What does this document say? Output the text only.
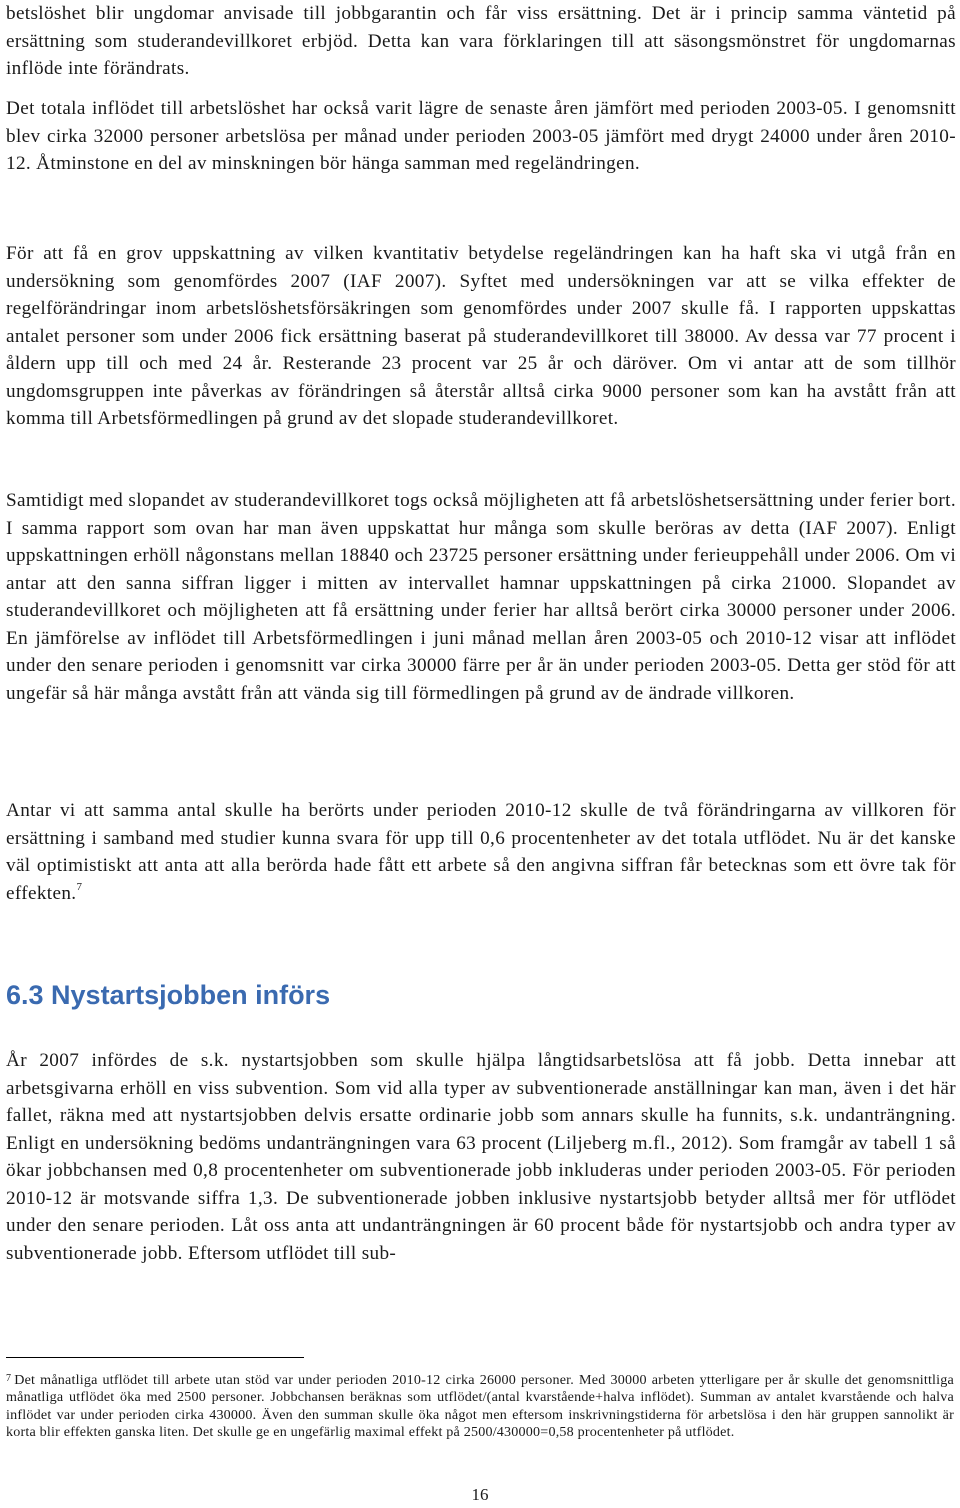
betslöshet blir ungdomar anvisade till jobbgarantin och får viss ersättning. Det är i princip samma väntetid på ersättning som studerandevillkoret erbjöd. Detta kan vara förklaringen till att säsongsmönstret för ungdomarnas inflöde inte förändrats.

Det totala inflödet till arbetslöshet har också varit lägre de senaste åren jämfört med perioden 2003-05. I genomsnitt blev cirka 32000 personer arbetslösa per månad under perioden 2003-05 jämfört med drygt 24000 under åren 2010-12. Åtminstone en del av minskningen bör hänga samman med regeländringen.

För att få en grov uppskattning av vilken kvantitativ betydelse regeländringen kan ha haft ska vi utgå från en undersökning som genomfördes 2007 (IAF 2007). Syftet med undersökningen var att se vilka effekter de regelförändringar inom arbetslöshetsförsäkringen som genomfördes under 2007 skulle få. I rapporten uppskattas antalet personer som under 2006 fick ersättning baserat på studerandevillkoret till 38000. Av dessa var 77 procent i åldern upp till och med 24 år. Resterande 23 procent var 25 år och däröver. Om vi antar att de som tillhör ungdomsgruppen inte påverkas av förändringen så återstår alltså cirka 9000 personer som kan ha avstått från att komma till Arbetsförmedlingen på grund av det slopade studerandevillkoret.

Samtidigt med slopandet av studerandevillkoret togs också möjligheten att få arbetslöshetsersättning under ferier bort. I samma rapport som ovan har man även uppskattat hur många som skulle beröras av detta (IAF 2007). Enligt uppskattningen erhöll någonstans mellan 18840 och 23725 personer ersättning under ferieuppehåll under 2006. Om vi antar att den sanna siffran ligger i mitten av intervallet hamnar uppskattningen på cirka 21000. Slopandet av studerandevillkoret och möjligheten att få ersättning under ferier har alltså berört cirka 30000 personer under 2006. En jämförelse av inflödet till Arbetsförmedlingen i juni månad mellan åren 2003-05 och 2010-12 visar att inflödet under den senare perioden i genomsnitt var cirka 30000 färre per år än under perioden 2003-05. Detta ger stöd för att ungefär så här många avstått från att vända sig till förmedlingen på grund av de ändrade villkoren.

Antar vi att samma antal skulle ha berörts under perioden 2010-12 skulle de två förändringarna av villkoren för ersättning i samband med studier kunna svara för upp till 0,6 procentenheter av det totala utflödet. Nu är det kanske väl optimistiskt att anta att alla berörda hade fått ett arbete så den angivna siffran får betecknas som ett övre tak för effekten.$^7$

6.3 Nystartsjobben införs

År 2007 infördes de s.k. nystartsjobben som skulle hjälpa långtidsarbetslösa att få jobb. Detta innebar att arbetsgivarna erhöll en viss subvention. Som vid alla typer av subventionerade anställningar kan man, även i det här fallet, räkna med att nystartsjobben delvis ersatte ordinarie jobb som annars skulle ha funnits, s.k. undanträngning. Enligt en undersökning bedöms undanträngningen vara 63 procent (Liljeberg m.fl., 2012). Som framgår av tabell 1 så ökar jobbchansen med 0,8 procentenheter om subventionerade jobb inkluderas under perioden 2003-05. För perioden 2010-12 är motsvande siffra 1,3. De subventionerade jobben inklusive nystartsjobb betyder alltså mer för utflödet under den senare perioden. Låt oss anta att undanträngningen är 60 procent både för nystartsjobb och andra typer av subventionerade jobb. Eftersom utflödet till sub-

$^7$ Det månatliga utflödet till arbete utan stöd var under perioden 2010-12 cirka 26000 personer. Med 30000 arbeten ytterligare per år skulle det genomsnittliga månatliga utflödet öka med 2500 personer. Jobbchansen beräknas som utflödet/(antal kvarstående+halva inflödet). Summan av antalet kvarstående och halva inflödet var under perioden cirka 430000. Även den summan skulle öka något men eftersom inskrivningstiderna för arbetslösa i den här gruppen sannolikt är korta blir effekten ganska liten. Det skulle ge en ungefärlig maximal effekt på 2500/430000=0,58 procentenheter på utflödet.

16
